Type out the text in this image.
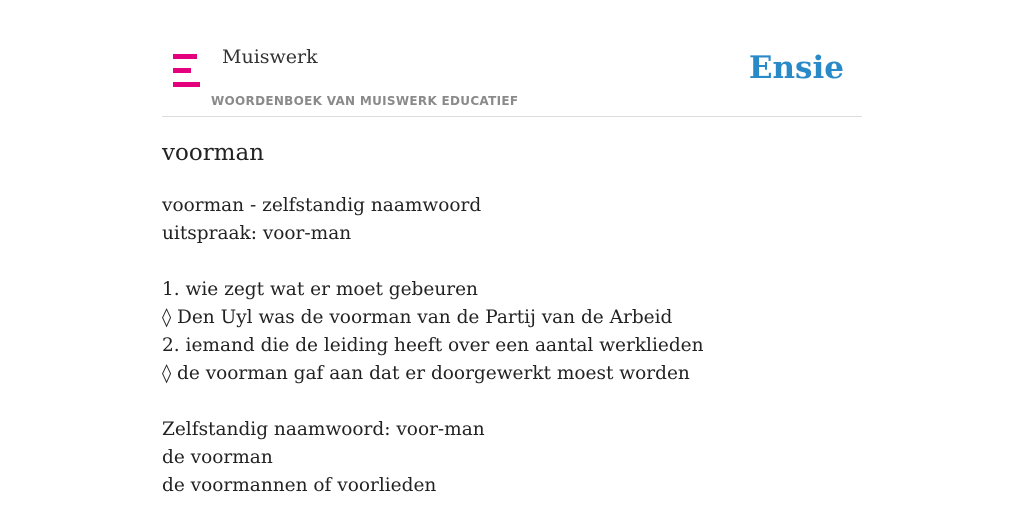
Muiswerk
WOORDENBOEK VAN MUISWERK EDUCATIEF
Ensie
voorman
voorman - zelfstandig naamwoord
uitspraak: voor-man
1. wie zegt wat er moet gebeuren
◊ Den Uyl was de voorman van de Partij van de Arbeid
2. iemand die de leiding heeft over een aantal werklieden
◊ de voorman gaf aan dat er doorgewerkt moest worden
Zelfstandig naamwoord: voor-man
de voorman
de voormannen of voorlieden
